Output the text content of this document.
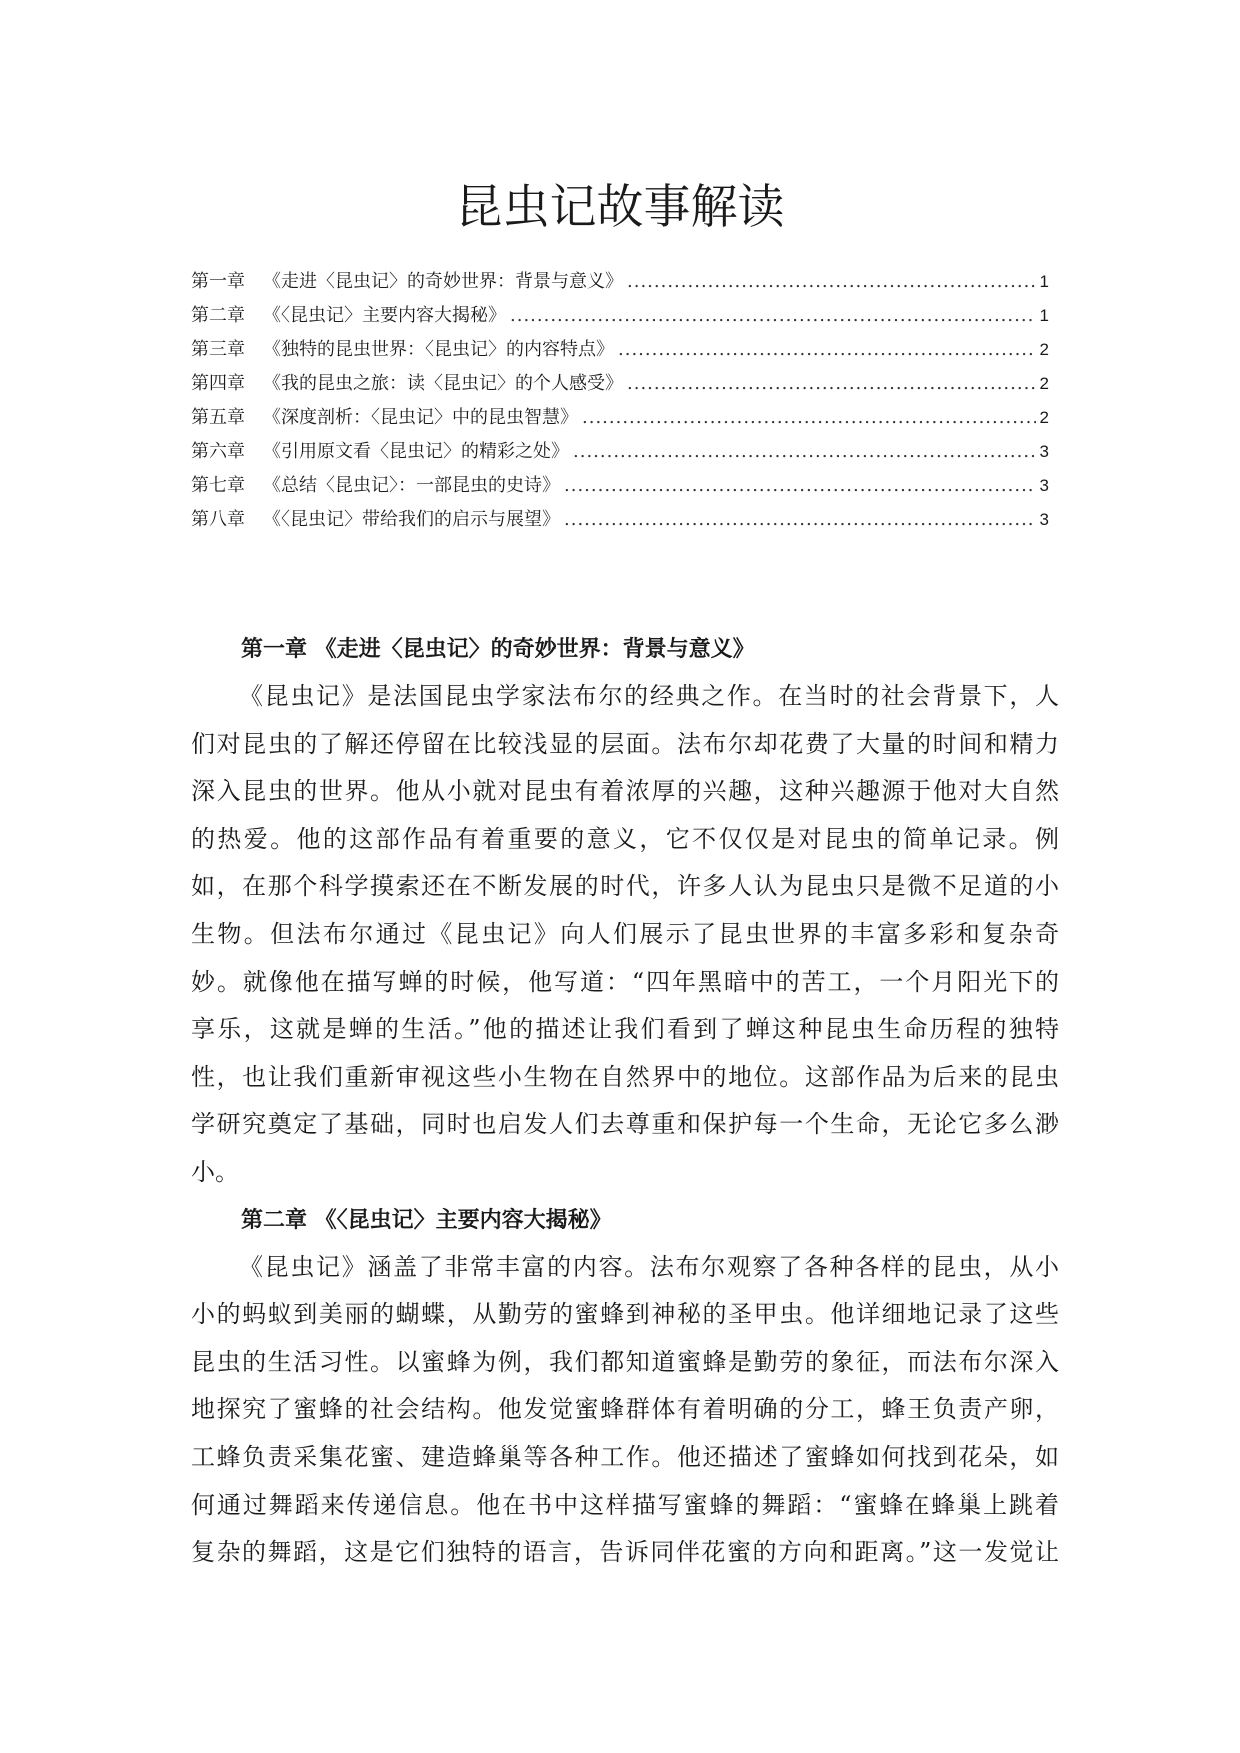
昆虫记故事解读
第一章	《走进〈昆虫记〉的奇妙世界：背景与意义》 .....	1
第二章	《〈昆虫记〉主要内容大揭秘》 .....	1
第三章	《独特的昆虫世界：〈昆虫记〉的内容特点》 .....	2
第四章	《我的昆虫之旅：读〈昆虫记〉的个人感受》 .....	2
第五章	《深度剖析：〈昆虫记〉中的昆虫智慧》 .....	2
第六章	《引用原文看〈昆虫记〉的精彩之处》 .....	3
第七章	《总结〈昆虫记〉：一部昆虫的史诗》 .....	3
第八章	《〈昆虫记〉带给我们的启示与展望》 .....	3
第一章 《走进〈昆虫记〉的奇妙世界：背景与意义》
《昆虫记》是法国昆虫学家法布尔的经典之作。在当时的社会背景下，人
们对昆虫的了解还停留在比较浅显的层面。法布尔却花费了大量的时间和精力
深入昆虫的世界。他从小就对昆虫有着浓厚的兴趣，这种兴趣源于他对大自然
的热爱。他的这部作品有着重要的意义，它不仅仅是对昆虫的简单记录。例
如，在那个科学摸索还在不断发展的时代，许多人认为昆虫只是微不足道的小
生物。但法布尔通过《昆虫记》向人们展示了昆虫世界的丰富多彩和复杂奇
妙。就像他在描写蝉的时候，他写道：“四年黑暗中的苦工，一个月阳光下的
享乐，这就是蝉的生活。”他的描述让我们看到了蝉这种昆虫生命历程的独特
性，也让我们重新审视这些小生物在自然界中的地位。这部作品为后来的昆虫
学研究奠定了基础，同时也启发人们去尊重和保护每一个生命，无论它多么渺
小。
第二章 《〈昆虫记〉主要内容大揭秘》
《昆虫记》涵盖了非常丰富的内容。法布尔观察了各种各样的昆虫，从小
小的蚂蚁到美丽的蝴蝶，从勤劳的蜜蜂到神秘的圣甲虫。他详细地记录了这些
昆虫的生活习性。以蜜蜂为例，我们都知道蜜蜂是勤劳的象征，而法布尔深入
地探究了蜜蜂的社会结构。他发觉蜜蜂群体有着明确的分工，蜂王负责产卵，
工蜂负责采集花蜜、建造蜂巢等各种工作。他还描述了蜜蜂如何找到花朵，如
何通过舞蹈来传递信息。他在书中这样描写蜜蜂的舞蹈：“蜜蜂在蜂巢上跳着
复杂的舞蹈，这是它们独特的语言，告诉同伴花蜜的方向和距离。”这一发觉让
